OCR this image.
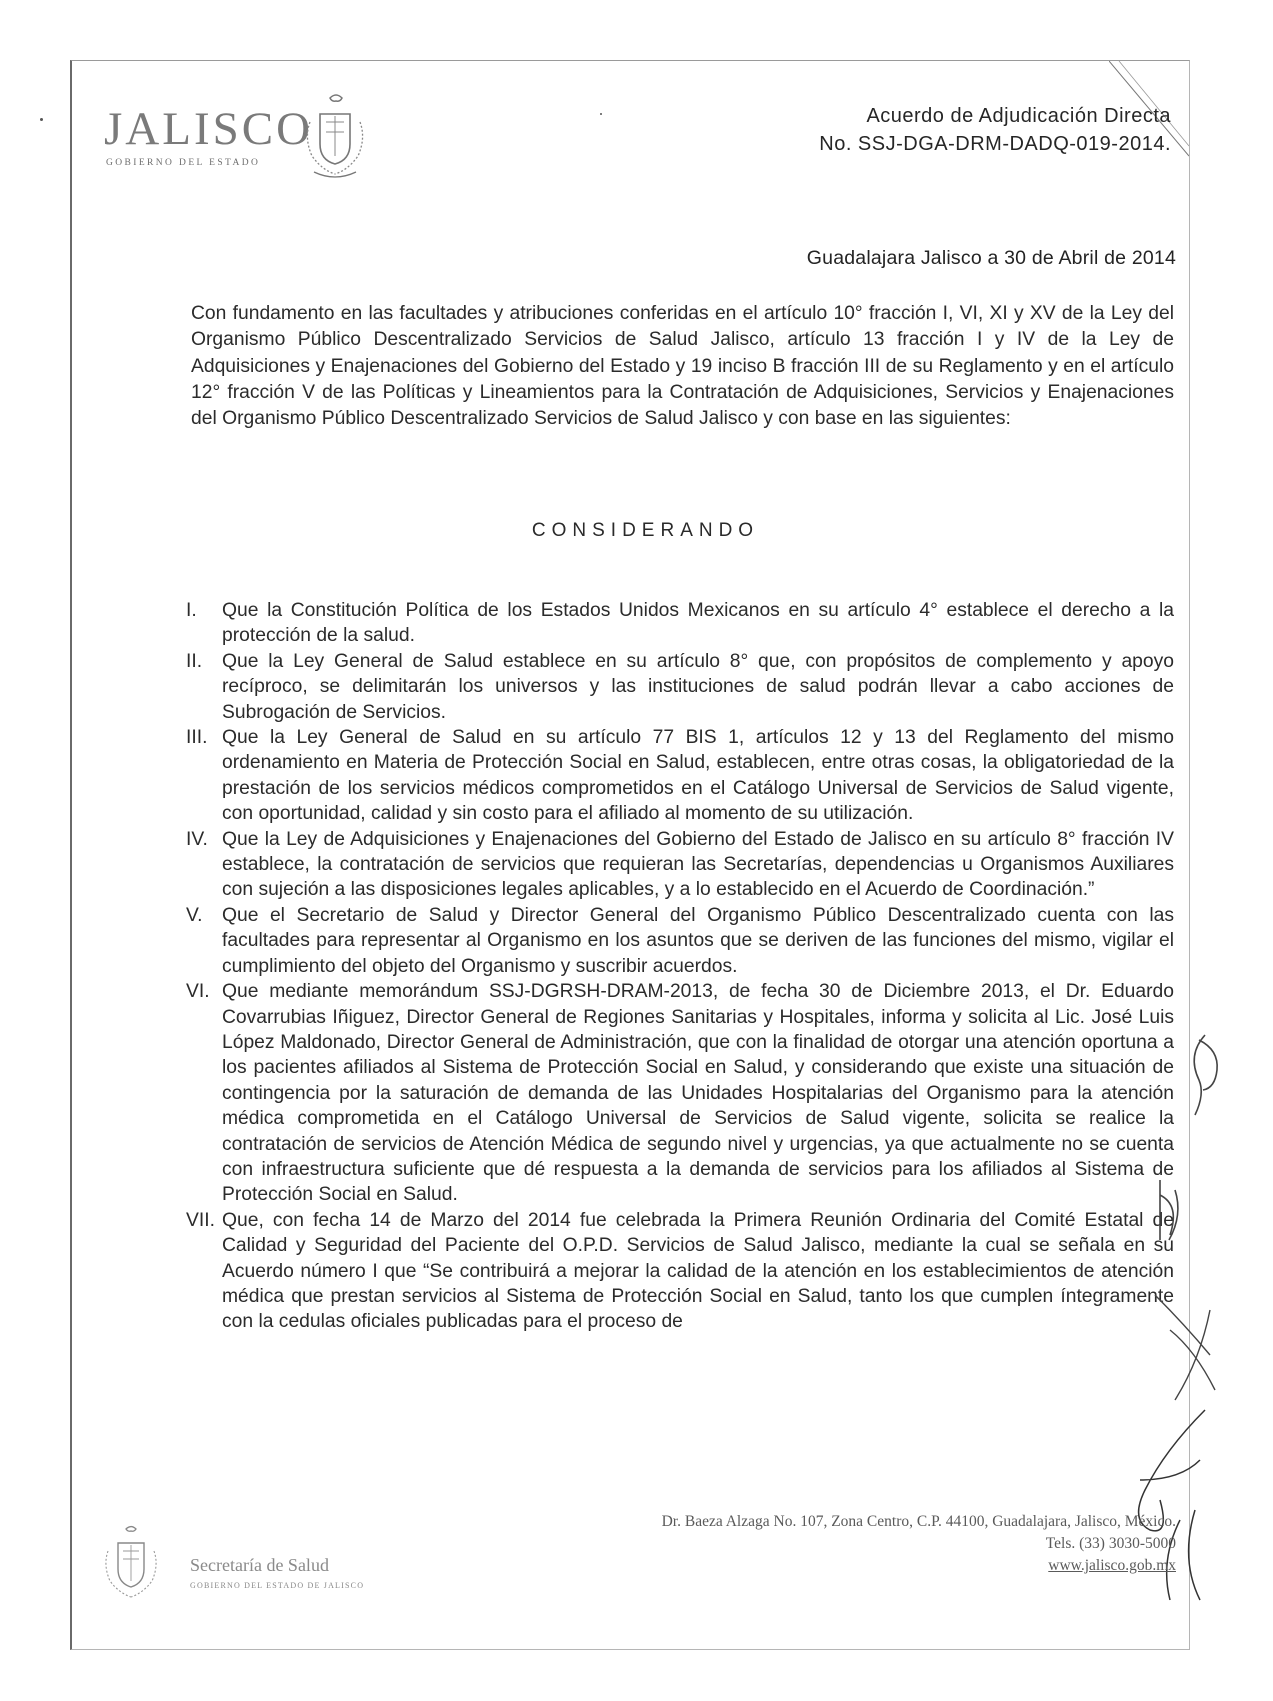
JALISCO
GOBIERNO DEL ESTADO
Acuerdo de Adjudicación Directa
No. SSJ-DGA-DRM-DADQ-019-2014.
Guadalajara Jalisco a 30 de Abril de 2014
Con fundamento en las facultades y atribuciones conferidas en el artículo 10° fracción I, VI, XI y XV de la Ley del Organismo Público Descentralizado Servicios de Salud Jalisco, artículo 13 fracción I y IV de la Ley de Adquisiciones y Enajenaciones del Gobierno del Estado y 19 inciso B fracción III de su Reglamento y en el artículo 12° fracción V de las Políticas y Lineamientos para la Contratación de Adquisiciones, Servicios y Enajenaciones del Organismo Público Descentralizado Servicios de Salud Jalisco y con base en las siguientes:
CONSIDERANDO
I.	Que la Constitución Política de los Estados Unidos Mexicanos en su artículo 4° establece el derecho a la protección de la salud.
II.	Que la Ley General de Salud establece en su artículo 8° que, con propósitos de complemento y apoyo recíproco, se delimitarán los universos y las instituciones de salud podrán llevar a cabo acciones de Subrogación de Servicios.
III. Que la Ley General de Salud en su artículo 77 BIS 1, artículos 12 y 13 del Reglamento del mismo ordenamiento en Materia de Protección Social en Salud, establecen, entre otras cosas, la obligatoriedad de la prestación de los servicios médicos comprometidos en el Catálogo Universal de Servicios de Salud vigente, con oportunidad, calidad y sin costo para el afiliado al momento de su utilización.
IV. Que la Ley de Adquisiciones y Enajenaciones del Gobierno del Estado de Jalisco en su artículo 8° fracción IV establece, la contratación de servicios que requieran las Secretarías, dependencias u Organismos Auxiliares con sujeción a las disposiciones legales aplicables, y a lo establecido en el Acuerdo de Coordinación.”
V.	Que el Secretario de Salud y Director General del Organismo Público Descentralizado cuenta con las facultades para representar al Organismo en los asuntos que se deriven de las funciones del mismo, vigilar el cumplimiento del objeto del Organismo y suscribir acuerdos.
VI. Que mediante memorándum SSJ-DGRSH-DRAM-2013, de fecha 30 de Diciembre 2013, el Dr. Eduardo Covarrubias Iñiguez, Director General de Regiones Sanitarias y Hospitales, informa y solicita al Lic. José Luis López Maldonado, Director General de Administración, que con la finalidad de otorgar una atención oportuna a los pacientes afiliados al Sistema de Protección Social en Salud, y considerando que existe una situación de contingencia por la saturación de demanda de las Unidades Hospitalarias del Organismo para la atención médica comprometida en el Catálogo Universal de Servicios de Salud vigente, solicita se realice la contratación de servicios de Atención Médica de segundo nivel y urgencias, ya que actualmente no se cuenta con infraestructura suficiente que dé respuesta a la demanda de servicios para los afiliados al Sistema de Protección Social en Salud.
VII. Que, con fecha 14 de Marzo del 2014 fue celebrada la Primera Reunión Ordinaria del Comité Estatal de Calidad y Seguridad del Paciente del O.P.D. Servicios de Salud Jalisco, mediante la cual se señala en su Acuerdo número I que “Se contribuirá a mejorar la calidad de la atención en los establecimientos de atención médica que prestan servicios al Sistema de Protección Social en Salud, tanto los que cumplen íntegramente con la cedulas oficiales publicadas para el proceso de
Dr. Baeza Alzaga No. 107, Zona Centro, C.P. 44100, Guadalajara, Jalisco, México.
Tels. (33) 3030-5000
www.jalisco.gob.mx
Secretaría de Salud
GOBIERNO DEL ESTADO DE JALISCO
